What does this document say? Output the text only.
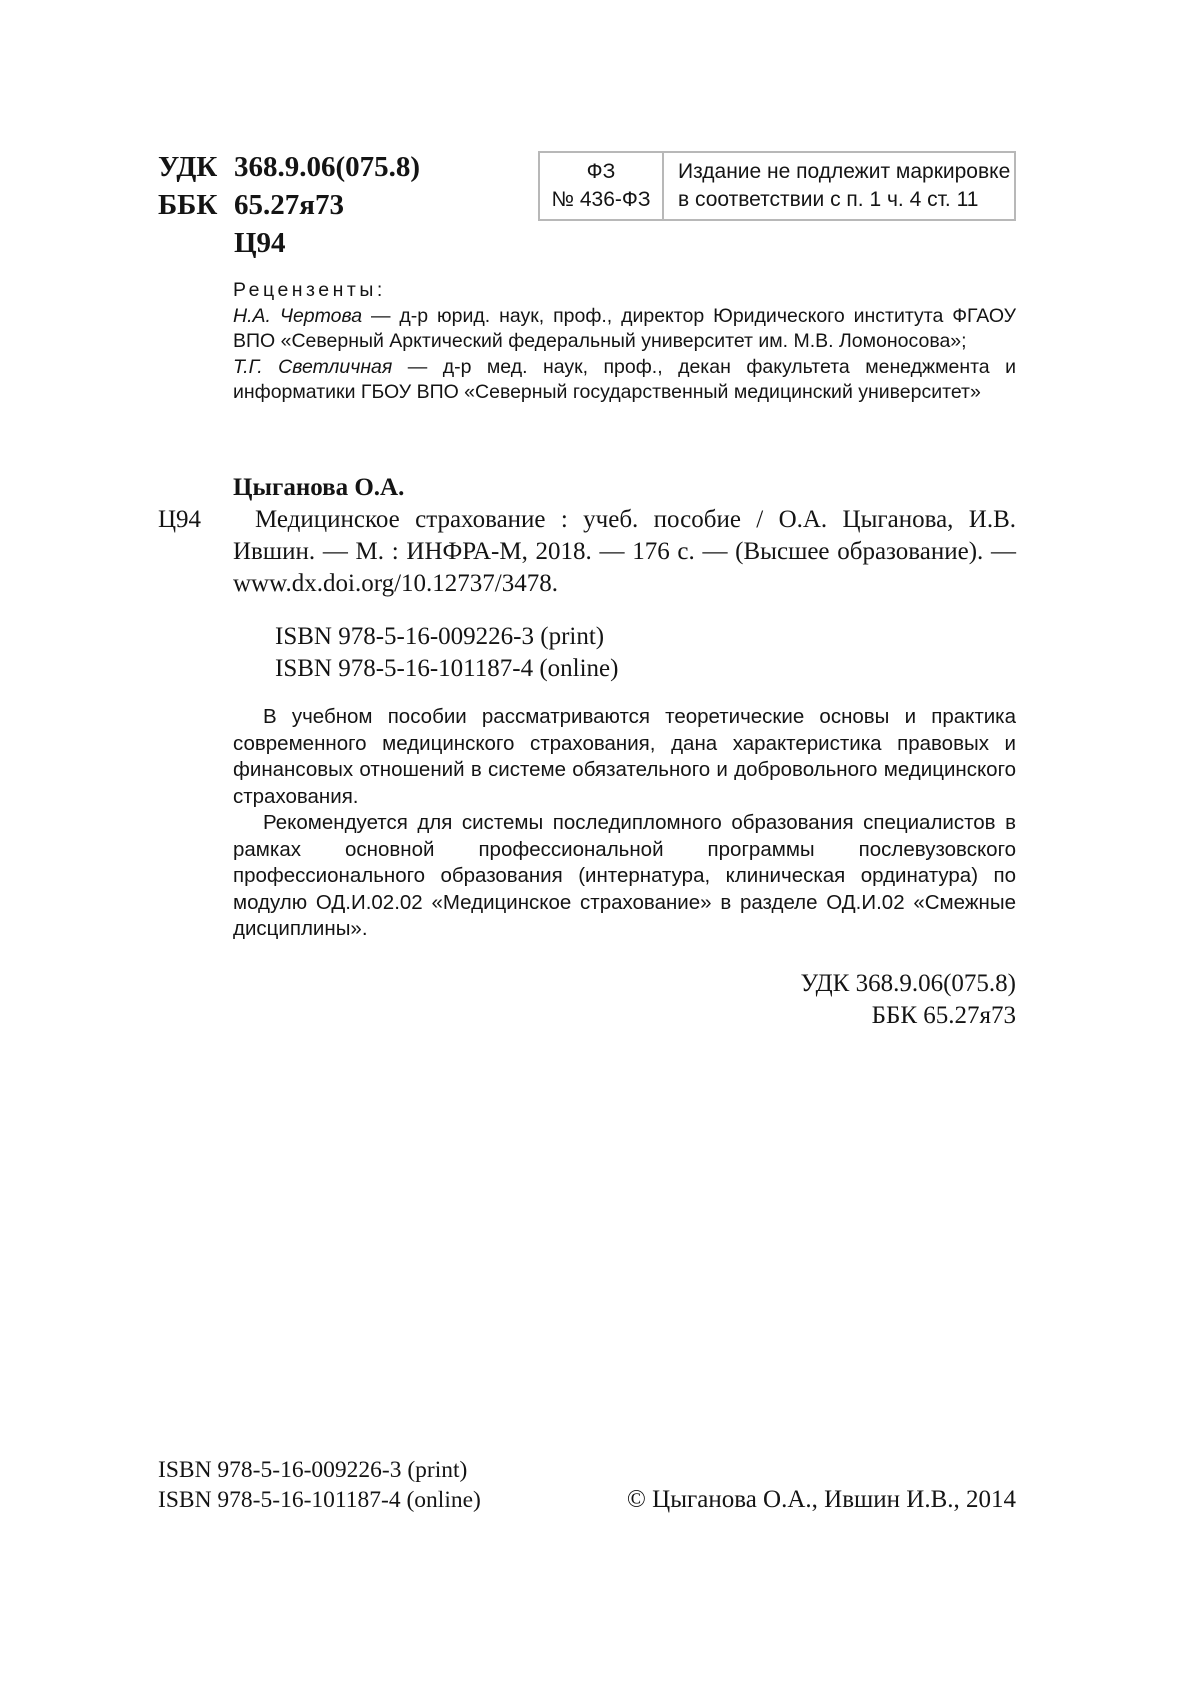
УДК 368.9.06(075.8)
ББК 65.27я73
Ц94
ФЗ
№ 436-ФЗ
Издание не подлежит маркировке
в соответствии с п. 1 ч. 4 ст. 11
Рецензенты:
Н.А. Чертова — д-р юрид. наук, проф., директор Юридического института ФГАОУ ВПО «Северный Арктический федеральный университет им. М.В. Ломоносова»;
Т.Г. Светличная — д-р мед. наук, проф., декан факультета менеджмента и информатики ГБОУ ВПО «Северный государственный медицинский университет»
Цыганова О.А.
Ц94	Медицинское страхование : учеб. пособие / О.А. Цыганова, И.В. Ившин. — М. : ИНФРА-М, 2018. — 176 с. — (Высшее образование). — www.dx.doi.org/10.12737/3478.
ISBN 978-5-16-009226-3 (print)
ISBN 978-5-16-101187-4 (online)

В учебном пособии рассматриваются теоретические основы и практика современного медицинского страхования, дана характеристика правовых и финансовых отношений в системе обязательного и добровольного медицинского страхования.

Рекомендуется для системы последипломного образования специалистов в рамках основной профессиональной программы послевузовского профессионального образования (интернатура, клиническая ординатура) по модулю ОД.И.02.02 «Медицинское страхование» в разделе ОД.И.02 «Смежные дисциплины».

УДК 368.9.06(075.8)
ББК 65.27я73
ISBN 978-5-16-009226-3 (print)
ISBN 978-5-16-101187-4 (online)	© Цыганова О.А., Ившин И.В., 2014
